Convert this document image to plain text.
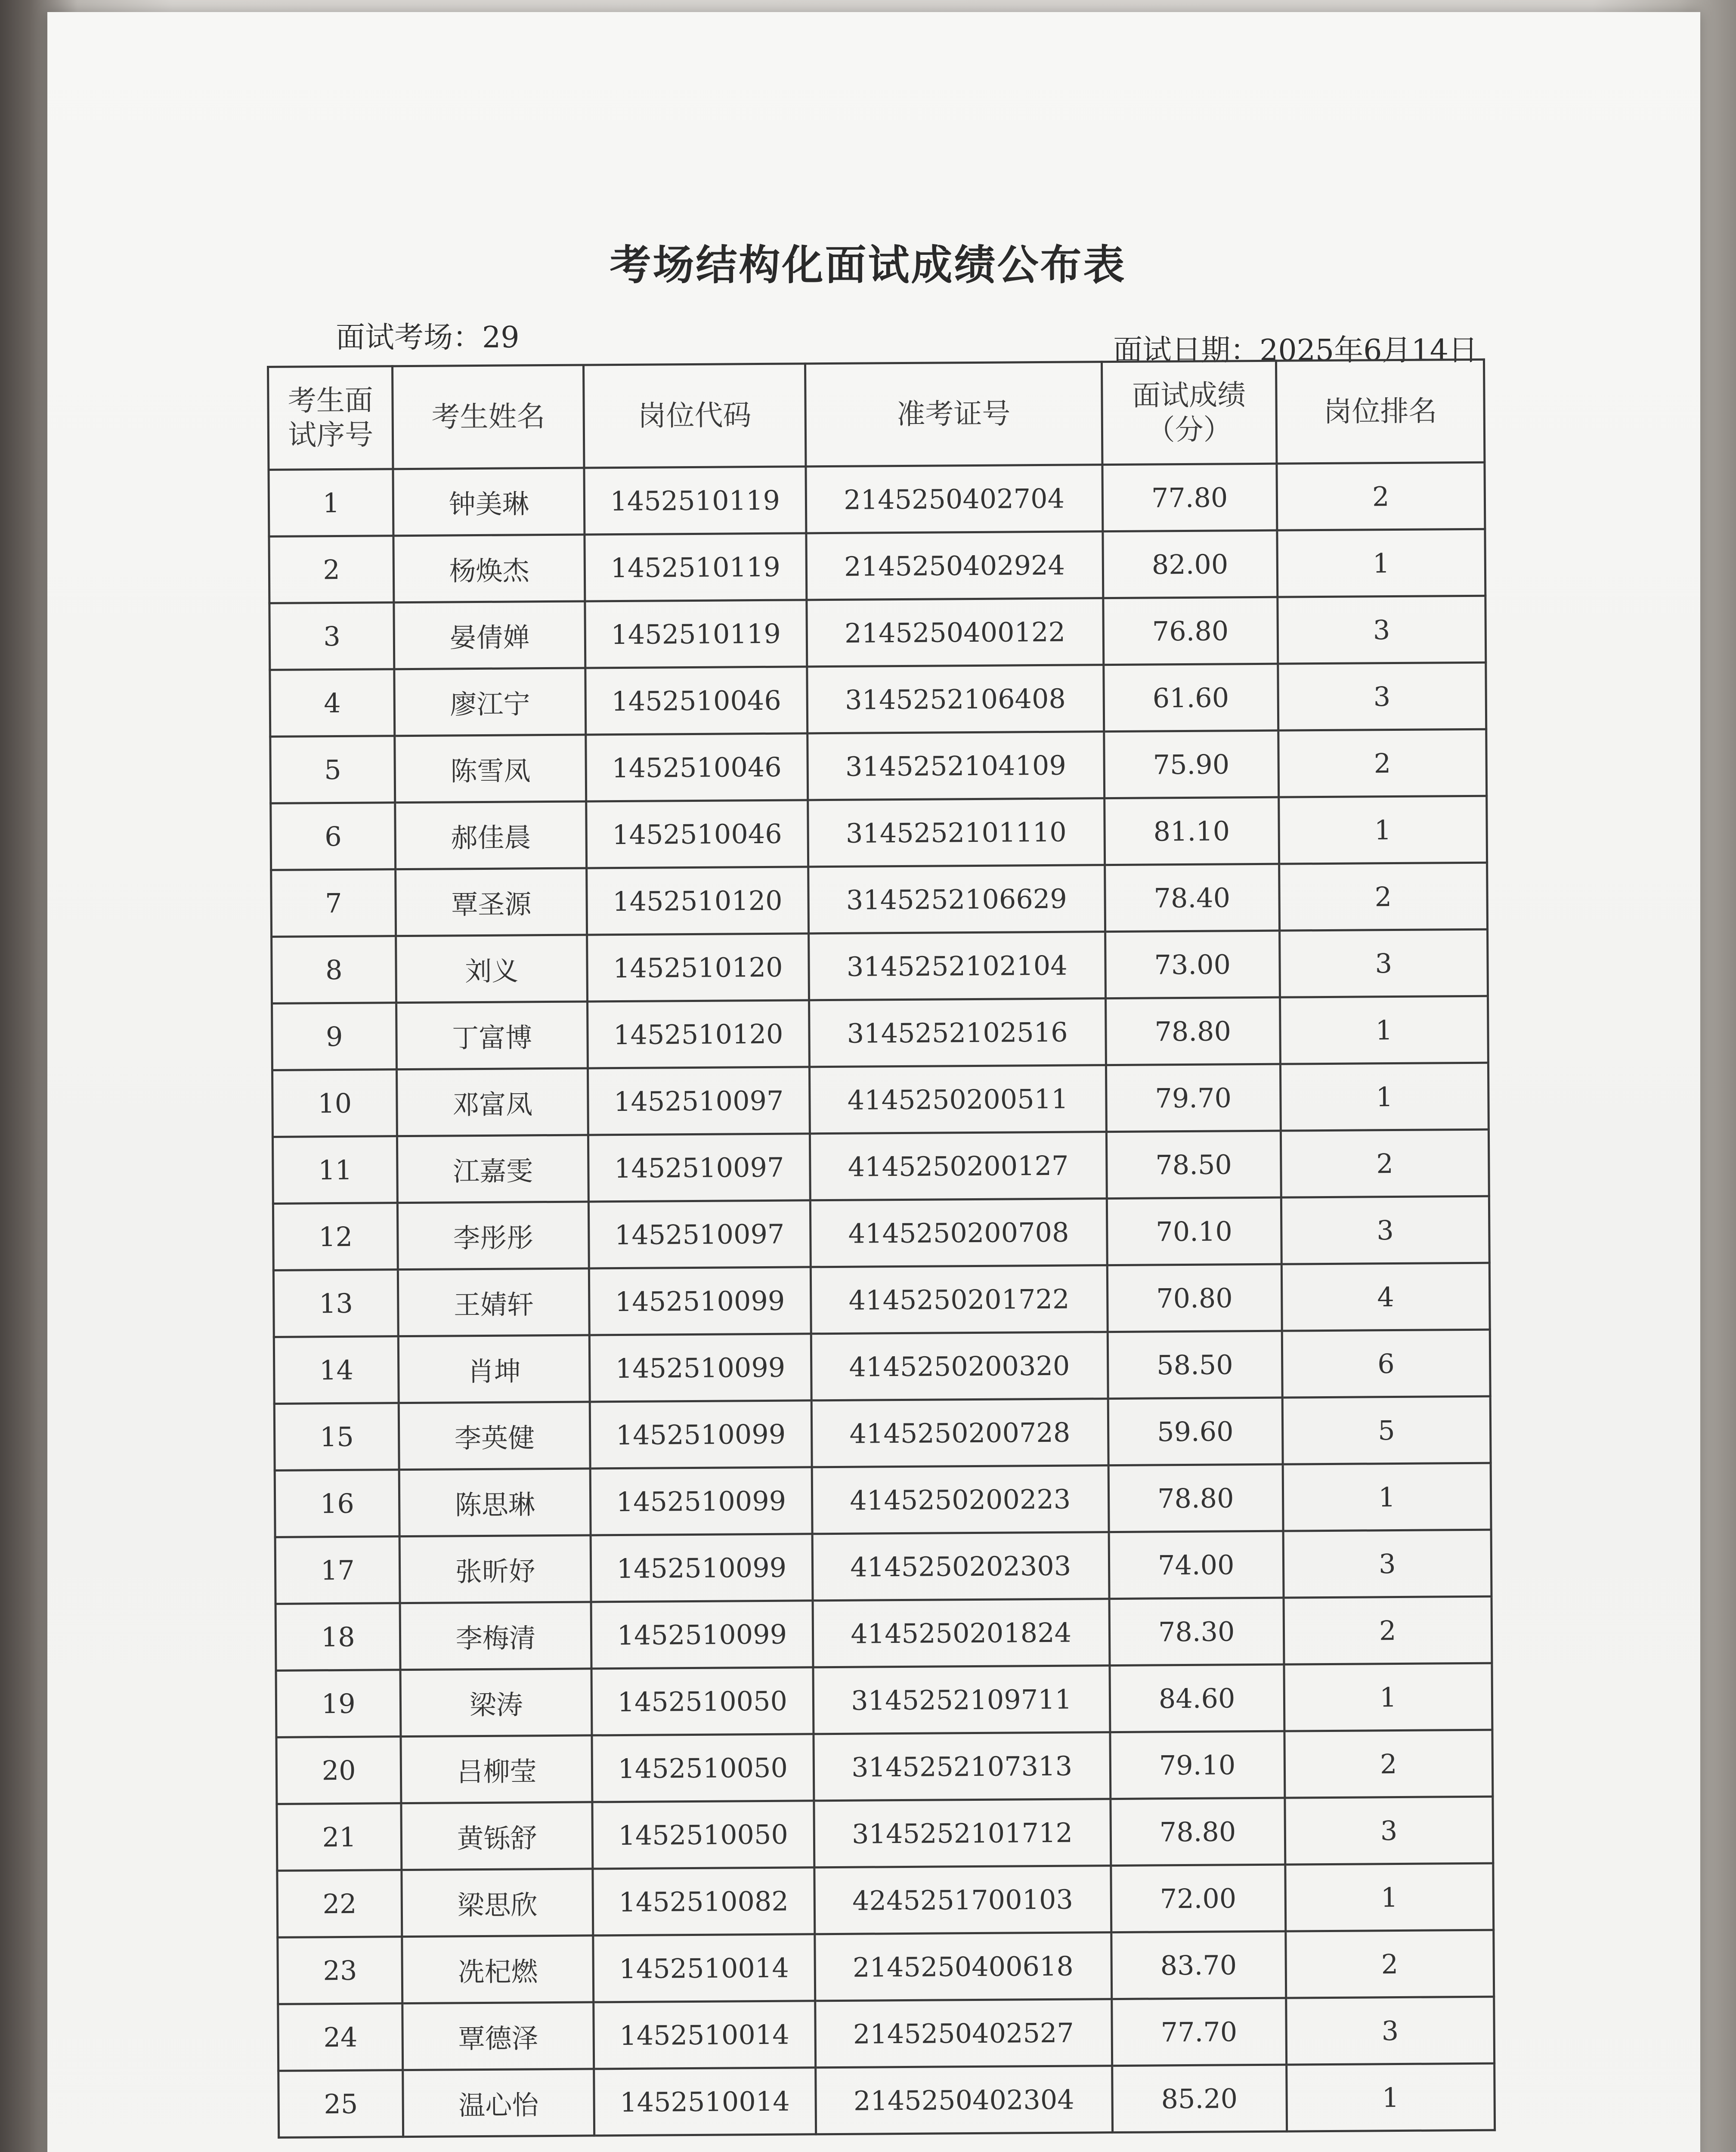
考场结构化面试成绩公布表
面试考场：29	面试日期：2025年6月14日
考生面试序号	考生姓名	岗位代码	准考证号	面试成绩（分）	岗位排名
1	钟美琳	1452510119	2145250402704	77.80	2
2	杨焕杰	1452510119	2145250402924	82.00	1
3	晏倩婵	1452510119	2145250400122	76.80	3
4	廖江宁	1452510046	3145252106408	61.60	3
5	陈雪凤	1452510046	3145252104109	75.90	2
6	郝佳晨	1452510046	3145252101110	81.10	1
7	覃圣源	1452510120	3145252106629	78.40	2
8	刘义	1452510120	3145252102104	73.00	3
9	丁富博	1452510120	3145252102516	78.80	1
10	邓富凤	1452510097	4145250200511	79.70	1
11	江嘉雯	1452510097	4145250200127	78.50	2
12	李彤彤	1452510097	4145250200708	70.10	3
13	王婧轩	1452510099	4145250201722	70.80	4
14	肖坤	1452510099	4145250200320	58.50	6
15	李英健	1452510099	4145250200728	59.60	5
16	陈思琳	1452510099	4145250200223	78.80	1
17	张昕妤	1452510099	4145250202303	74.00	3
18	李梅清	1452510099	4145250201824	78.30	2
19	梁涛	1452510050	3145252109711	84.60	1
20	吕柳莹	1452510050	3145252107313	79.10	2
21	黄铄舒	1452510050	3145252101712	78.80	3
22	梁思欣	1452510082	4245251700103	72.00	1
23	冼杞燃	1452510014	2145250400618	83.70	2
24	覃德泽	1452510014	2145250402527	77.70	3
25	温心怡	1452510014	2145250402304	85.20	1
